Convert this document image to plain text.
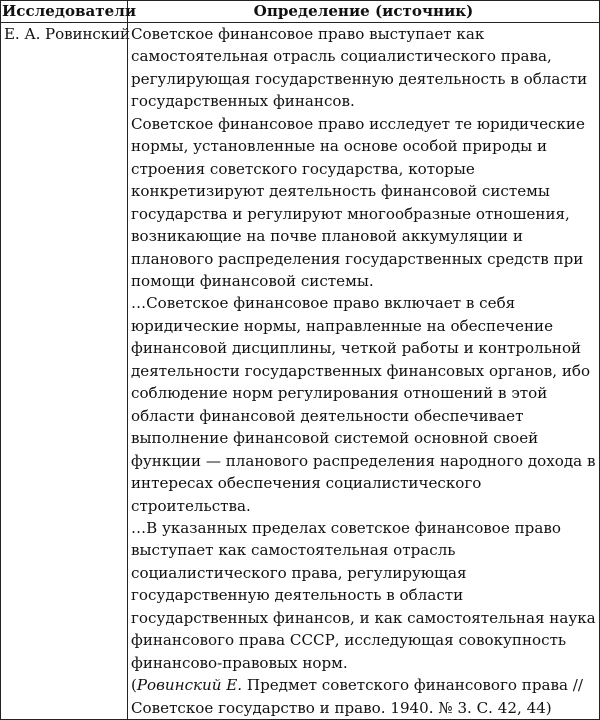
Исследователи	Определение (источник)
Е. А. Ровинский	Советское финансовое право выступает как самостоятельная отрасль социалистического права, регулирующая государственную деятельность в области государственных финансов.

Советское финансовое право исследует те юридические нормы, установленные на основе особой природы и строения советского государства, которые конкретизируют деятельность финансовой системы государства и регулируют многообразные отношения, возникающие на почве плановой аккумуляции и планового распределения государственных средств при помощи финансовой системы.

…Советское финансовое право включает в себя юридические нормы, направленные на обеспечение финансовой дисциплины, четкой работы и контрольной деятельности государственных финансовых органов, ибо соблюдение норм регулирования отношений в этой области финансовой деятельности обеспечивает выполнение финансовой системой основной своей функции — планового распределения народного дохода в интересах обеспечения социалистического строительства.

…В указанных пределах советское финансовое право выступает как самостоятельная отрасль социалистического права, регулирующая государственную деятельность в области государственных финансов, и как самостоятельная наука финансового права СССР, исследующая совокупность финансово-правовых норм.

(Ровинский Е. Предмет советского финансового права // Советское государство и право. 1940. № 3. С. 42, 44)
